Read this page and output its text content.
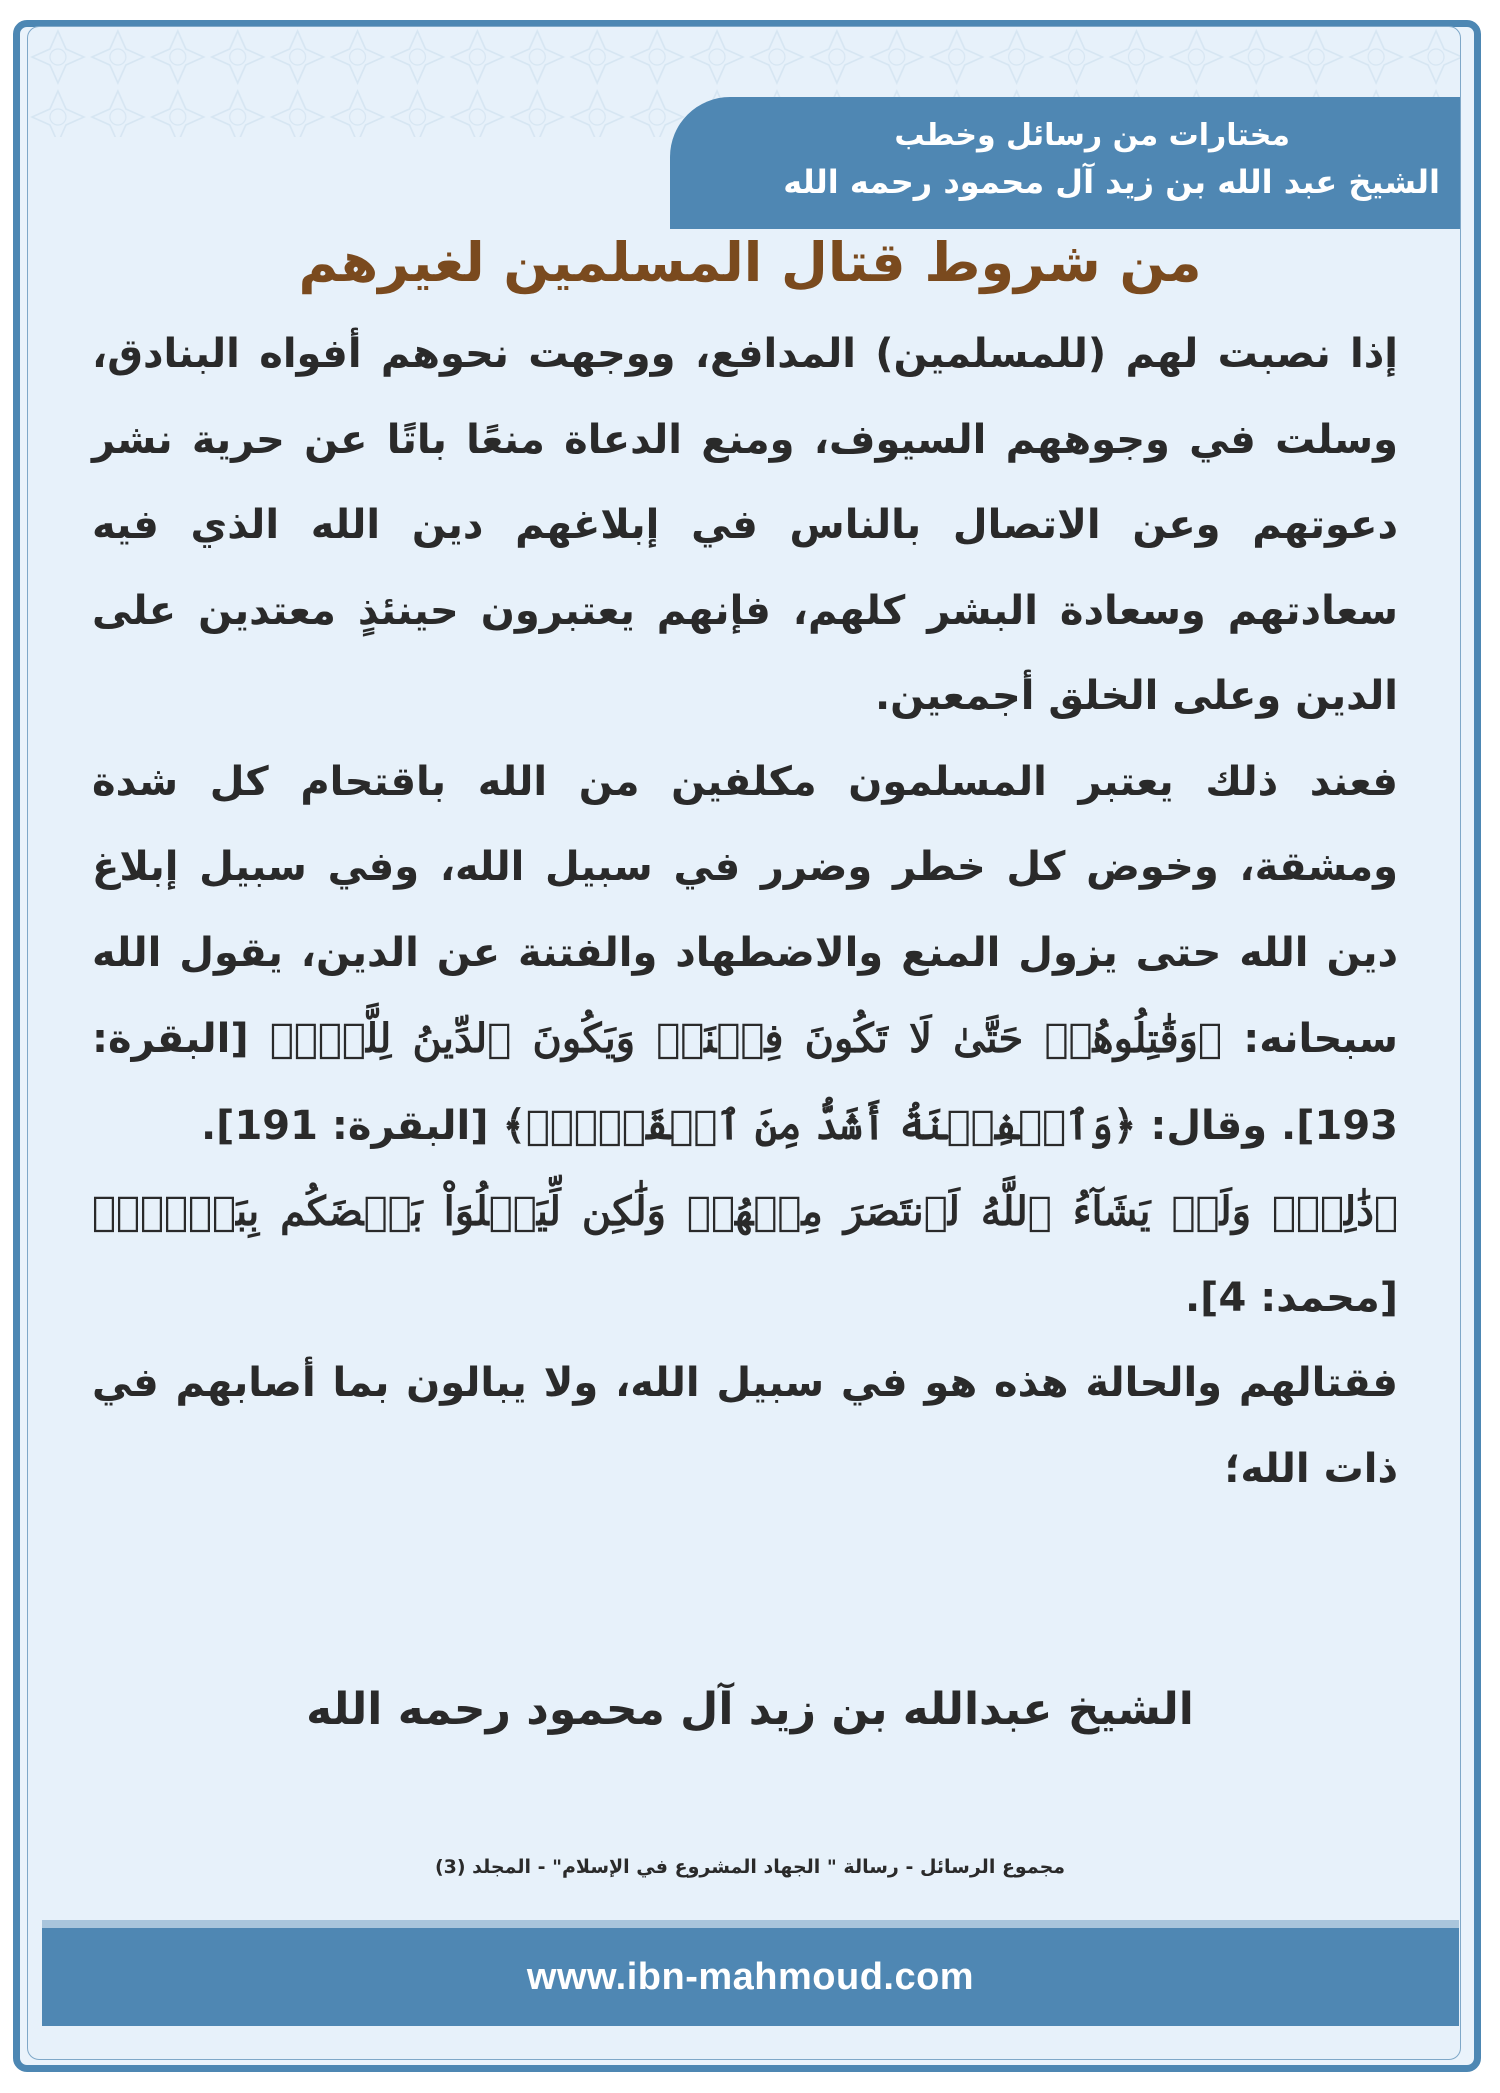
مختارات من رسائل وخطب
الشيخ عبد الله بن زيد آل محمود رحمه الله
من شروط قتال المسلمين لغيرهم

إذا نصبت لهم (للمسلمين) المدافع، ووجهت نحوهم أفواه البنادق، وسلت في وجوههم السيوف، ومنع الدعاة منعًا باتًا عن حرية نشر دعوتهم وعن الاتصال بالناس في إبلاغهم دين الله الذي فيه سعادتهم وسعادة البشر كلهم، فإنهم يعتبرون حينئذٍ معتدين على الدين وعلى الخلق أجمعين.

فعند ذلك يعتبر المسلمون مكلفين من الله باقتحام كل شدة ومشقة، وخوض كل خطر وضرر في سبيل الله، وفي سبيل إبلاغ دين الله حتى يزول المنع والاضطهاد والفتنة عن الدين، يقول الله سبحانه: ﴿وَقَٰتِلُوهُمۡ حَتَّىٰ لَا تَكُونَ فِتۡنَةٞ وَيَكُونَ ٱلدِّينُ لِلَّهِۖ﴾ [البقرة: 193]. وقال: ﴿وَٱلۡفِتۡنَةُ أَشَدُّ مِنَ ٱلۡقَتۡلِۚ﴾ [البقرة: 191].

﴿ذَٰلِكَۖ وَلَوۡ يَشَآءُ ٱللَّهُ لَٱنتَصَرَ مِنۡهُمۡ وَلَٰكِن لِّيَبۡلُوَاْ بَعۡضَكُم بِبَعۡضٖۗ﴾ [محمد: 4].

فقتالهم والحالة هذه هو في سبيل الله، ولا يبالون بما أصابهم في ذات الله؛

الشيخ عبدالله بن زيد آل محمود رحمه الله
مجموع الرسائل - رسالة " الجهاد المشروع في الإسلام" - المجلد (3)
www.ibn-mahmoud.com
